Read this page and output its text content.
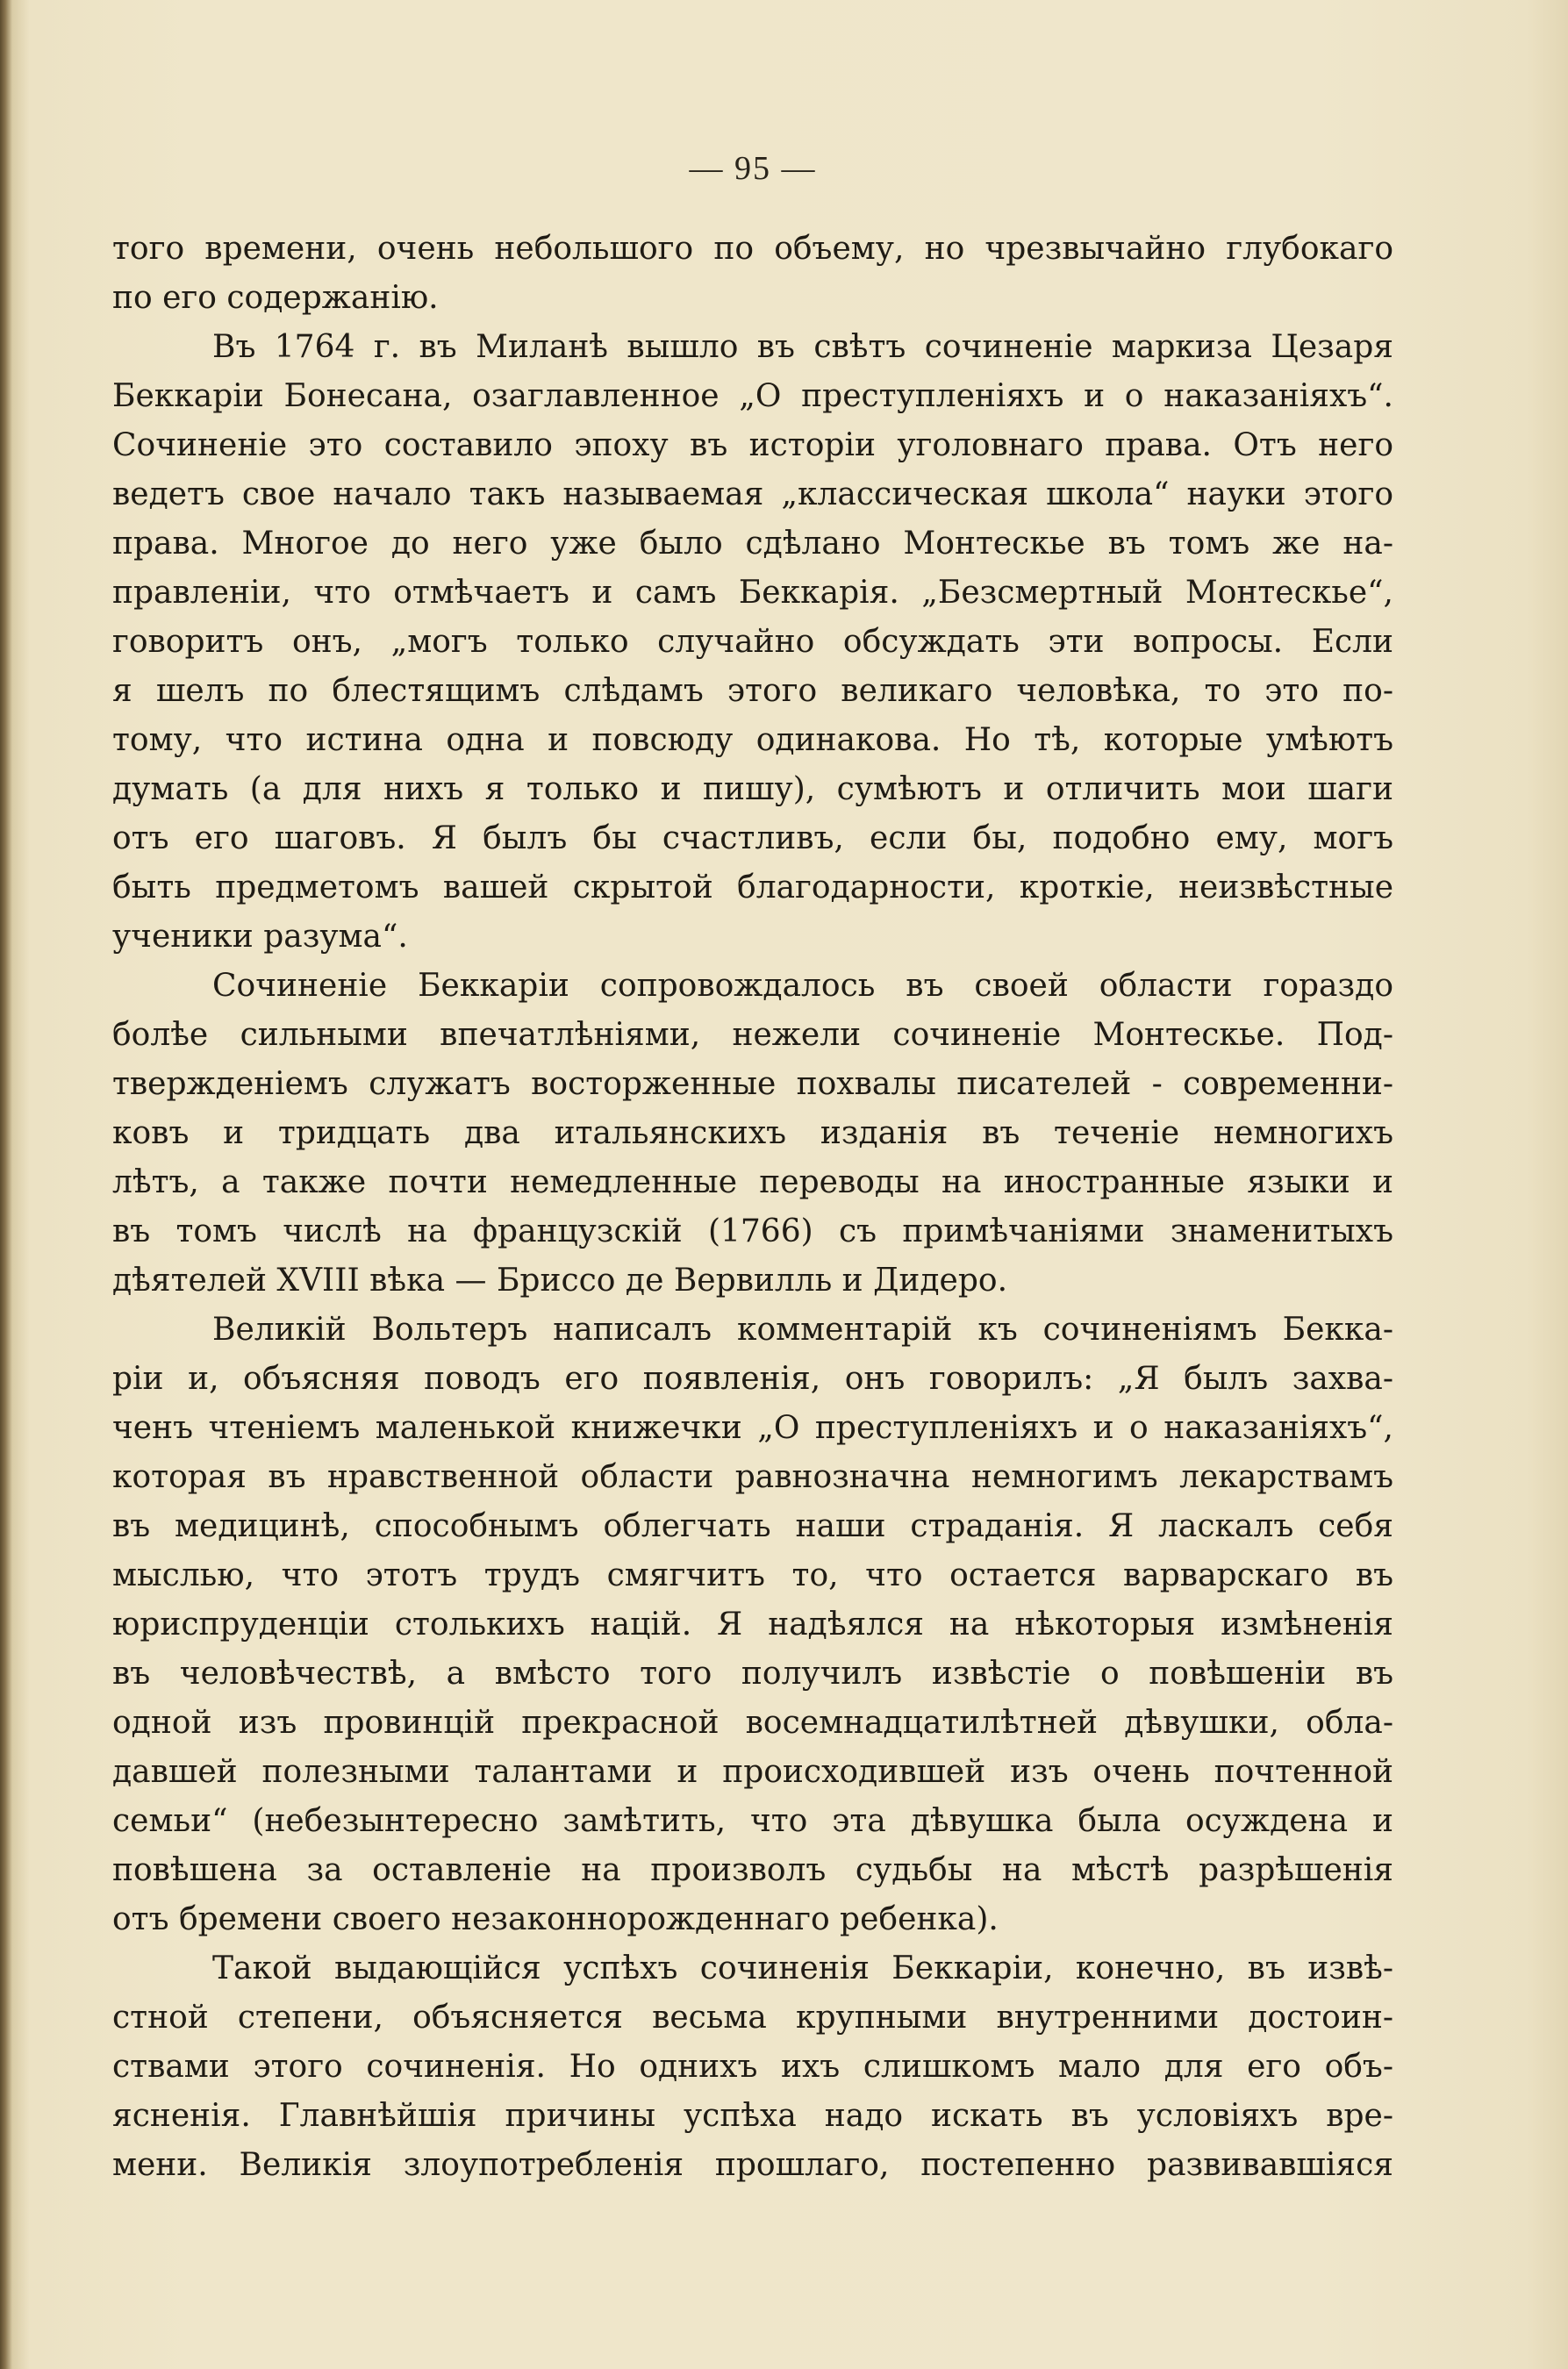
— 95 —
того времени, очень небольшого по объему, но чрезвычайно глубокаго
по его содержанію.
Въ 1764 г. въ Миланѣ вышло въ свѣтъ сочиненіе маркиза Цезаря
Беккаріи Бонесана, озаглавленное „О преступленіяхъ и о наказаніяхъ“.
Сочиненіе это составило эпоху въ исторіи уголовнаго права. Отъ него
ведетъ свое начало такъ называемая „классическая школа“ науки этого
права. Многое до него уже было сдѣлано Монтескье въ томъ же на-
правленіи, что отмѣчаетъ и самъ Беккарія. „Безсмертный Монтескье“,
говоритъ онъ, „могъ только случайно обсуждать эти вопросы. Если
я шелъ по блестящимъ слѣдамъ этого великаго человѣка, то это по-
тому, что истина одна и повсюду одинакова. Но тѣ, которые умѣютъ
думать (а для нихъ я только и пишу), сумѣютъ и отличить мои шаги
отъ его шаговъ. Я былъ бы счастливъ, если бы, подобно ему, могъ
быть предметомъ вашей скрытой благодарности, кроткіе, неизвѣстные
ученики разума“.
Сочиненіе Беккаріи сопровождалось въ своей области гораздо
болѣе сильными впечатлѣніями, нежели сочиненіе Монтескье. Под-
твержденіемъ служатъ восторженные похвалы писателей - современни-
ковъ и тридцать два итальянскихъ изданія въ теченіе немногихъ
лѣтъ, а также почти немедленные переводы на иностранные языки и
въ томъ числѣ на французскій (1766) съ примѣчаніями знаменитыхъ
дѣятелей XVIII вѣка — Бриссо де Вервилль и Дидеро.
Великій Вольтеръ написалъ комментарій къ сочиненіямъ Бекка-
ріи и, объясняя поводъ его появленія, онъ говорилъ: „Я былъ захва-
ченъ чтеніемъ маленькой книжечки „О преступленіяхъ и о наказаніяхъ“,
которая въ нравственной области равнозначна немногимъ лекарствамъ
въ медицинѣ, способнымъ облегчать наши страданія. Я ласкалъ себя
мыслью, что этотъ трудъ смягчитъ то, что остается варварскаго въ
юриспруденціи столькихъ націй. Я надѣялся на нѣкоторыя измѣненія
въ человѣчествѣ, а вмѣсто того получилъ извѣстіе о повѣшеніи въ
одной изъ провинцій прекрасной восемнадцатилѣтней дѣвушки, обла-
давшей полезными талантами и происходившей изъ очень почтенной
семьи“ (небезынтересно замѣтить, что эта дѣвушка была осуждена и
повѣшена за оставленіе на произволъ судьбы на мѣстѣ разрѣшенія
отъ бремени своего незаконнорожденнаго ребенка).
Такой выдающійся успѣхъ сочиненія Беккаріи, конечно, въ извѣ-
стной степени, объясняется весьма крупными внутренними достоин-
ствами этого сочиненія. Но однихъ ихъ слишкомъ мало для его объ-
ясненія. Главнѣйшія причины успѣха надо искать въ условіяхъ вре-
мени. Великія злоупотребленія прошлаго, постепенно развивавшіяся
